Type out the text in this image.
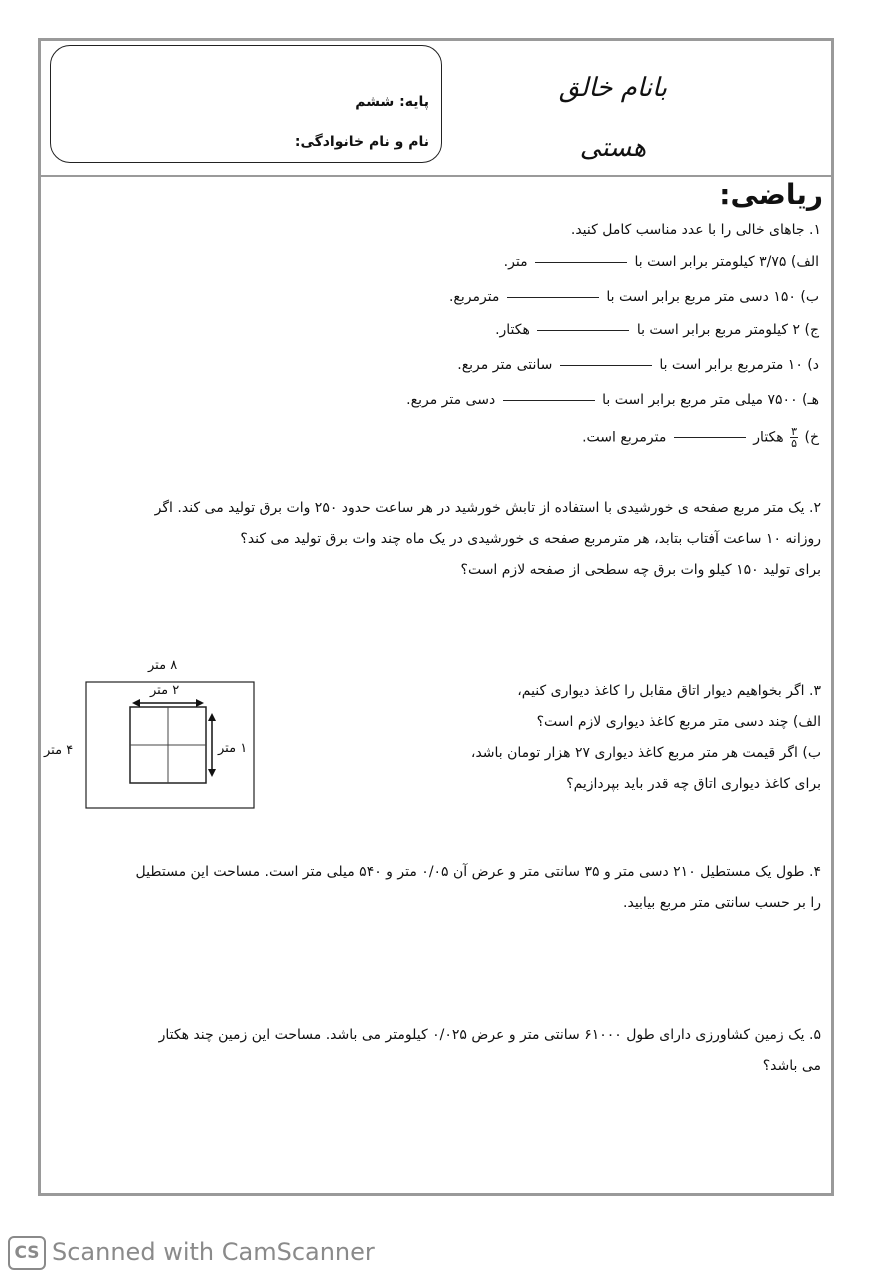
بانام خالق هستی
پایه: ششم
نام و نام خانوادگی:
ریاضی:
۱. جاهای خالی را با عدد مناسب کامل کنید.
الف) ۳/۷۵ کیلومتر برابر است با  متر.
ب) ۱۵۰ دسی متر مربع برابر است با  مترمربع.
ج) ۲ کیلومتر مربع برابر است با  هکتار.
د) ۱۰ مترمربع برابر است با  سانتی متر مربع.
هـ) ۷۵۰۰ میلی متر مربع برابر است با  دسی متر مربع.
خ)
$\frac{۳}{۵}$
هکتار  مترمربع است.
۲. یک متر مربع صفحه ی خورشیدی با استفاده از تابش خورشید در هر ساعت حدود ۲۵۰ وات برق تولید می کند. اگر
روزانه ۱۰ ساعت آفتاب بتابد، هر مترمربع صفحه ی خورشیدی در یک ماه چند وات برق تولید می کند؟
برای تولید ۱۵۰ کیلو وات برق چه سطحی از صفحه لازم است؟
۳. اگر بخواهیم دیوار اتاق مقابل را کاغذ دیواری کنیم،
الف) چند دسی متر مربع کاغذ دیواری لازم است؟
ب) اگر قیمت هر متر مربع کاغذ دیواری ۲۷ هزار تومان باشد،
برای کاغذ دیواری اتاق چه قدر باید بپردازیم؟
۸ متر
۴ متر
۲ متر
۱ متر
۴. طول یک مستطیل ۲۱۰ دسی متر و ۳۵ سانتی متر و عرض آن ۰/۰۵ متر و ۵۴۰ میلی متر است. مساحت این مستطیل
را بر حسب سانتی متر مربع بیابید.
۵. یک زمین کشاورزی دارای طول ۶۱۰۰۰ سانتی متر و عرض ۰/۰۲۵ کیلومتر می باشد. مساحت این زمین چند هکتار
می باشد؟
CS Scanned with CamScanner
